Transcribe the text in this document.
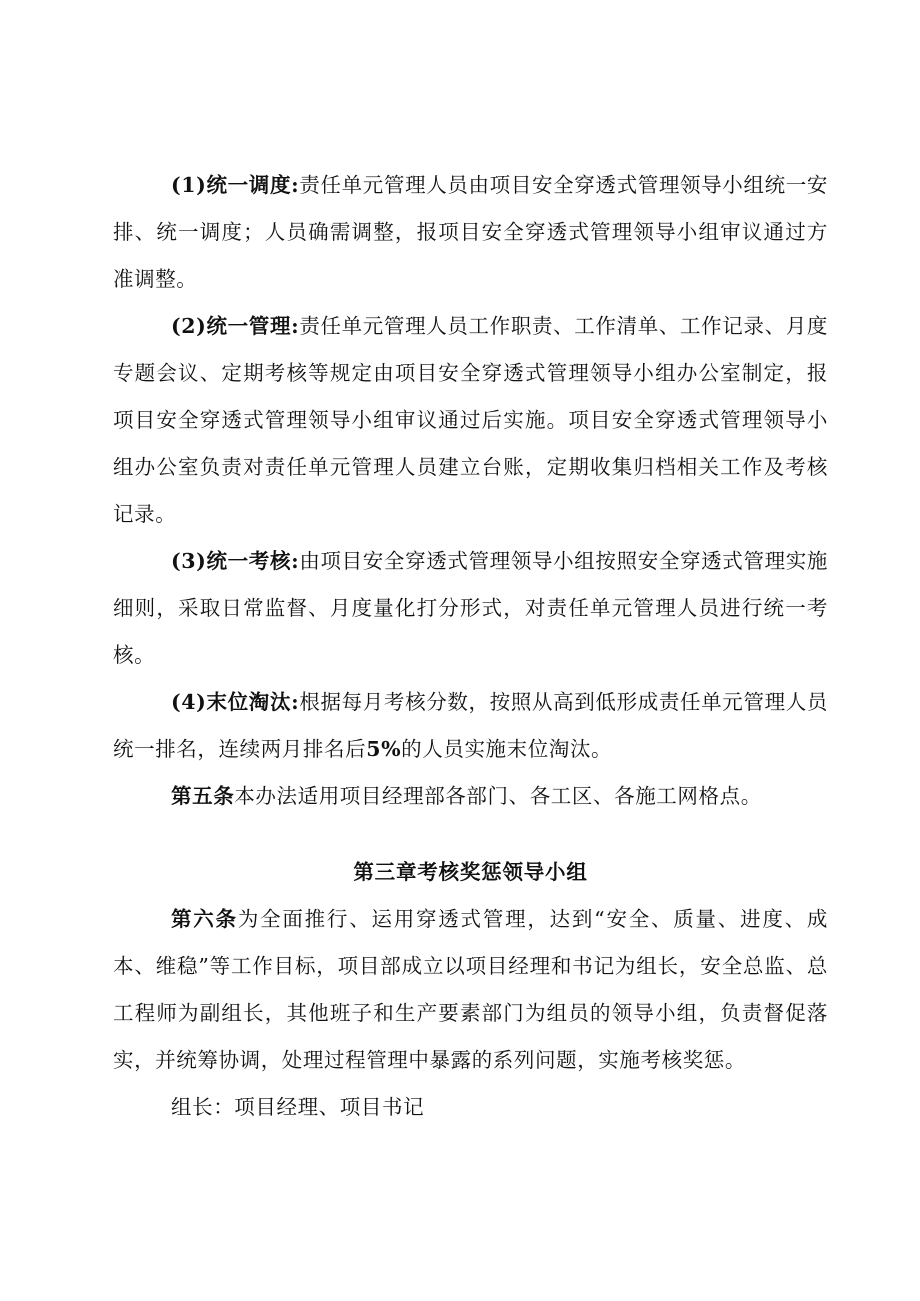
(1)统一调度:责任单元管理人员由项目安全穿透式管理领导小组统一安排、统一调度；人员确需调整，报项目安全穿透式管理领导小组审议通过方准调整。

(2)统一管理:责任单元管理人员工作职责、工作清单、工作记录、月度专题会议、定期考核等规定由项目安全穿透式管理领导小组办公室制定，报项目安全穿透式管理领导小组审议通过后实施。项目安全穿透式管理领导小组办公室负责对责任单元管理人员建立台账，定期收集归档相关工作及考核记录。

(3)统一考核:由项目安全穿透式管理领导小组按照安全穿透式管理实施细则，采取日常监督、月度量化打分形式，对责任单元管理人员进行统一考核。

(4)末位淘汰:根据每月考核分数，按照从高到低形成责任单元管理人员统一排名，连续两月排名后5%的人员实施末位淘汰。

第五条本办法适用项目经理部各部门、各工区、各施工网格点。

第三章考核奖惩领导小组

第六条为全面推行、运用穿透式管理，达到“安全、质量、进度、成本、维稳”等工作目标，项目部成立以项目经理和书记为组长，安全总监、总工程师为副组长，其他班子和生产要素部门为组员的领导小组，负责督促落实，并统筹协调，处理过程管理中暴露的系列问题，实施考核奖惩。

组长：项目经理、项目书记
